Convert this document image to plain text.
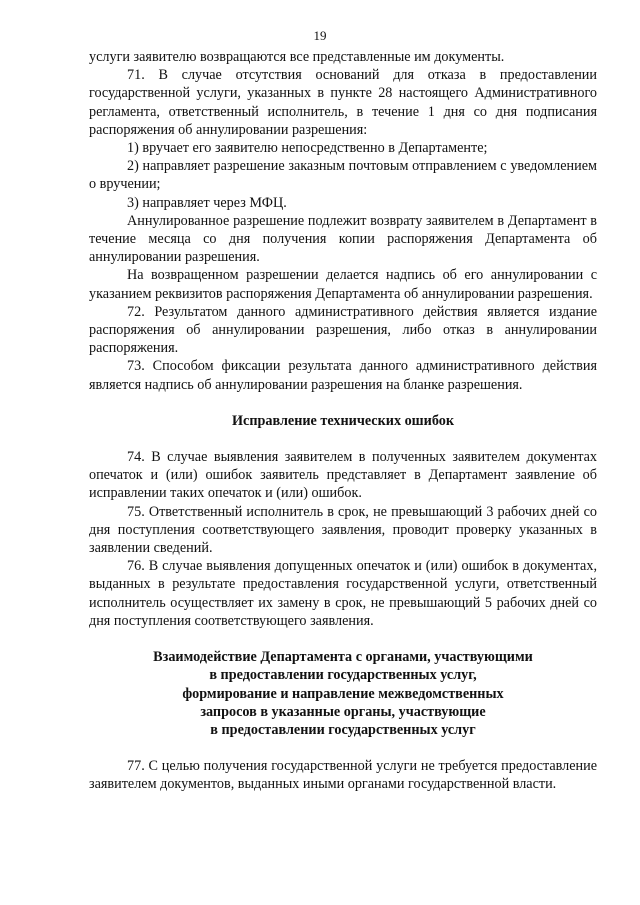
19

услуги заявителю возвращаются все представленные им документы.

71. В случае отсутствия оснований для отказа в предоставлении государственной услуги, указанных в пункте 28 настоящего Административного регламента, ответственный исполнитель, в течение 1 дня со дня подписания распоряжения об аннулировании разрешения:

1) вручает его заявителю непосредственно в Департаменте;

2) направляет разрешение заказным почтовым отправлением с уведомлением о вручении;

3) направляет через МФЦ.

Аннулированное разрешение подлежит возврату заявителем в Департамент в течение месяца со дня получения копии распоряжения Департамента об аннулировании разрешения.

На возвращенном разрешении делается надпись об его аннулировании с указанием реквизитов распоряжения Департамента об аннулировании разрешения.

72. Результатом данного административного действия является издание распоряжения об аннулировании разрешения, либо отказ в аннулировании распоряжения.

73. Способом фиксации результата данного административного действия является надпись об аннулировании разрешения на бланке разрешения.

Исправление технических ошибок

74. В случае выявления заявителем в полученных заявителем документах опечаток и (или) ошибок заявитель представляет в Департамент заявление об исправлении таких опечаток и (или) ошибок.

75. Ответственный исполнитель в срок, не превышающий 3 рабочих дней со дня поступления соответствующего заявления, проводит проверку указанных в заявлении сведений.

76. В случае выявления допущенных опечаток и (или) ошибок в документах, выданных в результате предоставления государственной услуги, ответственный исполнитель осуществляет их замену в срок, не превышающий 5 рабочих дней со дня поступления соответствующего заявления.

Взаимодействие Департамента с органами, участвующими
в предоставлении государственных услуг,
формирование и направление межведомственных
запросов в указанные органы, участвующие
в предоставлении государственных услуг

77. С целью получения государственной услуги не требуется предоставление заявителем документов, выданных иными органами государственной власти.
